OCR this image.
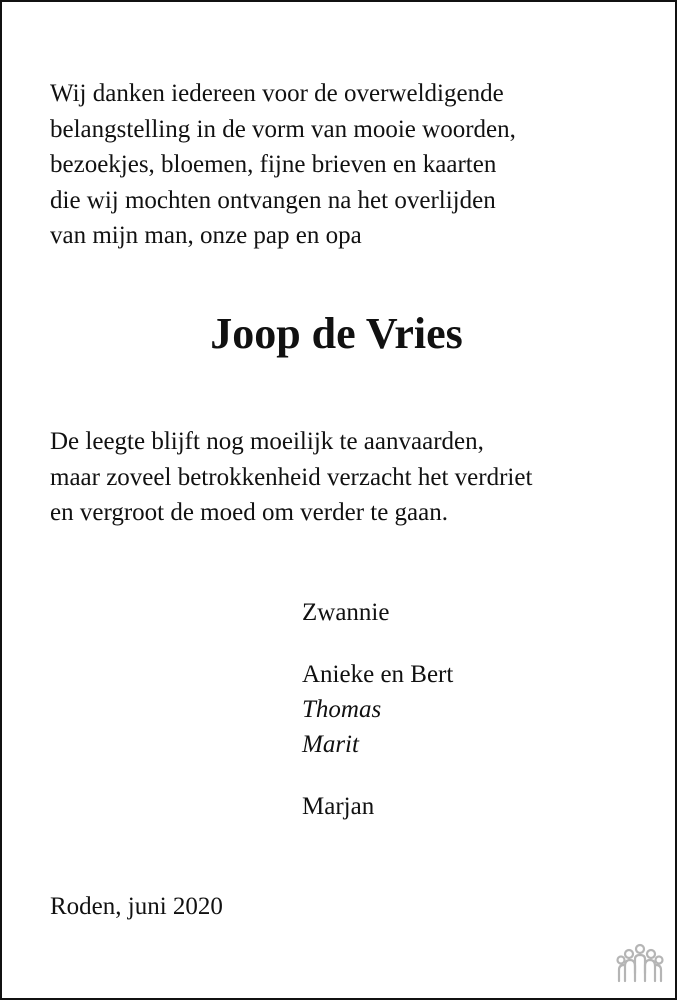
Wij danken iedereen voor de overweldigende
belangstelling in de vorm van mooie woorden,
bezoekjes, bloemen, fijne brieven en kaarten
die wij mochten ontvangen na het overlijden
van mijn man, onze pap en opa
Joop de Vries
De leegte blijft nog moeilijk te aanvaarden,
maar zoveel betrokkenheid verzacht het verdriet
en vergroot de moed om verder te gaan.
Zwannie
Anieke en Bert
Thomas
Marit
Marjan
Roden, juni 2020
